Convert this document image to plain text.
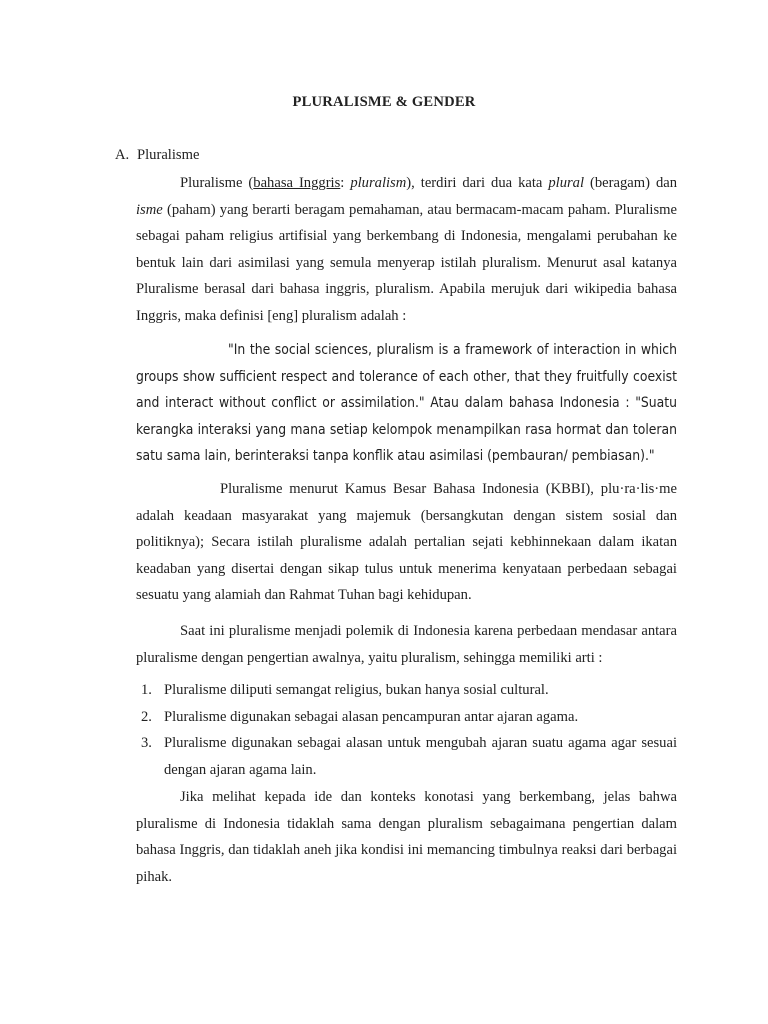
PLURALISME & GENDER
A. Pluralisme
Pluralisme (bahasa Inggris: pluralism), terdiri dari dua kata plural (beragam) dan isme (paham) yang berarti beragam pemahaman, atau bermacam-macam paham. Pluralisme sebagai paham religius artifisial yang berkembang di Indonesia, mengalami perubahan ke bentuk lain dari asimilasi yang semula menyerap istilah pluralism. Menurut asal katanya Pluralisme berasal dari bahasa inggris, pluralism. Apabila merujuk dari wikipedia bahasa Inggris, maka definisi [eng] pluralism adalah :
"In the social sciences, pluralism is a framework of interaction in which groups show sufficient respect and tolerance of each other, that they fruitfully coexist and interact without conflict or assimilation." Atau dalam bahasa Indonesia : "Suatu kerangka interaksi yang mana setiap kelompok menampilkan rasa hormat dan toleran satu sama lain, berinteraksi tanpa konflik atau asimilasi (pembauran/ pembiasan)."
Pluralisme menurut Kamus Besar Bahasa Indonesia (KBBI), plu·ra·lis·me adalah keadaan masyarakat yang majemuk (bersangkutan dengan sistem sosial dan politiknya); Secara istilah pluralisme adalah pertalian sejati kebhinnekaan dalam ikatan keadaban yang disertai dengan sikap tulus untuk menerima kenyataan perbedaan sebagai sesuatu yang alamiah dan Rahmat Tuhan bagi kehidupan.
Saat ini pluralisme menjadi polemik di Indonesia karena perbedaan mendasar antara pluralisme dengan pengertian awalnya, yaitu pluralism, sehingga memiliki arti :
1. Pluralisme diliputi semangat religius, bukan hanya sosial cultural.
2. Pluralisme digunakan sebagai alasan pencampuran antar ajaran agama.
3. Pluralisme digunakan sebagai alasan untuk mengubah ajaran suatu agama agar sesuai dengan ajaran agama lain.
Jika melihat kepada ide dan konteks konotasi yang berkembang, jelas bahwa pluralisme di Indonesia tidaklah sama dengan pluralism sebagaimana pengertian dalam bahasa Inggris, dan tidaklah aneh jika kondisi ini memancing timbulnya reaksi dari berbagai pihak.
